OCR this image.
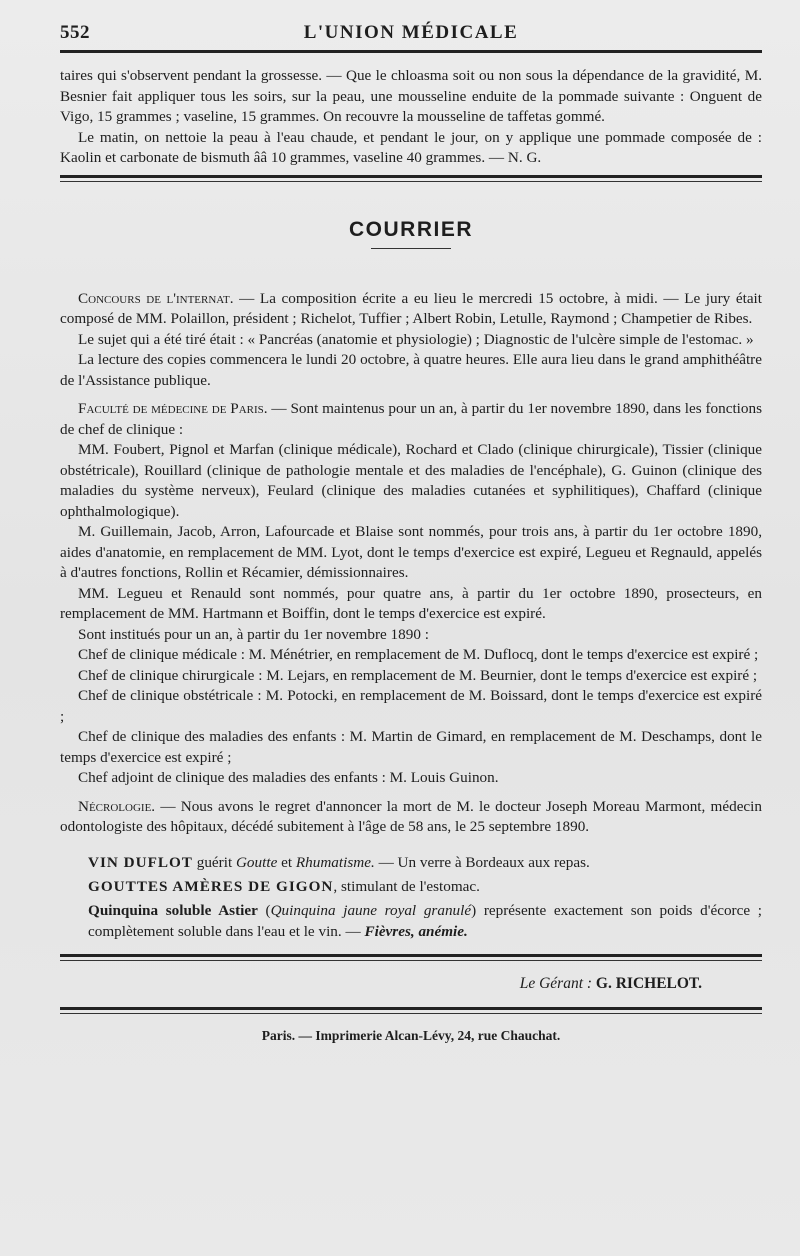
552	L'UNION MÉDICALE

taires qui s'observent pendant la grossesse. — Que le chloasma soit ou non sous la dépendance de la gravidité, M. Besnier fait appliquer tous les soirs, sur la peau, une mousseline enduite de la pommade suivante : Onguent de Vigo, 15 grammes ; vaseline, 15 grammes. On recouvre la mousseline de taffetas gommé.

Le matin, on nettoie la peau à l'eau chaude, et pendant le jour, on y applique une pommade composée de : Kaolin et carbonate de bismuth ââ 10 grammes, vaseline 40 grammes. — N. G.

COURRIER

Concours de l'internat. — La composition écrite a eu lieu le mercredi 15 octobre, à midi. — Le jury était composé de MM. Polaillon, président ; Richelot, Tuffier ; Albert Robin, Letulle, Raymond ; Champetier de Ribes.

Le sujet qui a été tiré était : « Pancréas (anatomie et physiologie) ; Diagnostic de l'ulcère simple de l'estomac. »

La lecture des copies commencera le lundi 20 octobre, à quatre heures. Elle aura lieu dans le grand amphithéâtre de l'Assistance publique.

Faculté de médecine de Paris. — Sont maintenus pour un an, à partir du 1er novembre 1890, dans les fonctions de chef de clinique :

MM. Foubert, Pignol et Marfan (clinique médicale), Rochard et Clado (clinique chirurgicale), Tissier (clinique obstétricale), Rouillard (clinique de pathologie mentale et des maladies de l'encéphale), G. Guinon (clinique des maladies du système nerveux), Feulard (clinique des maladies cutanées et syphilitiques), Chaffard (clinique ophthalmologique).

M. Guillemain, Jacob, Arron, Lafourcade et Blaise sont nommés, pour trois ans, à partir du 1er octobre 1890, aides d'anatomie, en remplacement de MM. Lyot, dont le temps d'exercice est expiré, Legueu et Regnauld, appelés à d'autres fonctions, Rollin et Récamier, démissionnaires.

MM. Legueu et Renauld sont nommés, pour quatre ans, à partir du 1er octobre 1890, prosecteurs, en remplacement de MM. Hartmann et Boiffin, dont le temps d'exercice est expiré.

Sont institués pour un an, à partir du 1er novembre 1890 :

Chef de clinique médicale : M. Ménétrier, en remplacement de M. Duflocq, dont le temps d'exercice est expiré ;

Chef de clinique chirurgicale : M. Lejars, en remplacement de M. Beurnier, dont le temps d'exercice est expiré ;

Chef de clinique obstétricale : M. Potocki, en remplacement de M. Boissard, dont le temps d'exercice est expiré ;

Chef de clinique des maladies des enfants : M. Martin de Gimard, en remplacement de M. Deschamps, dont le temps d'exercice est expiré ;

Chef adjoint de clinique des maladies des enfants : M. Louis Guinon.

Nécrologie. — Nous avons le regret d'annoncer la mort de M. le docteur Joseph Moreau Marmont, médecin odontologiste des hôpitaux, décédé subitement à l'âge de 58 ans, le 25 septembre 1890.

VIN DUFLOT guérit Goutte et Rhumatisme. — Un verre à Bordeaux aux repas.

GOUTTES AMÈRES DE GIGON, stimulant de l'estomac.

Quinquina soluble Astier (Quinquina jaune royal granulé) représente exactement son poids d'écorce ; complètement soluble dans l'eau et le vin. — Fièvres, anémie.

Le Gérant : G. RICHELOT.
Paris. — Imprimerie Alcan-Lévy, 24, rue Chauchat.
